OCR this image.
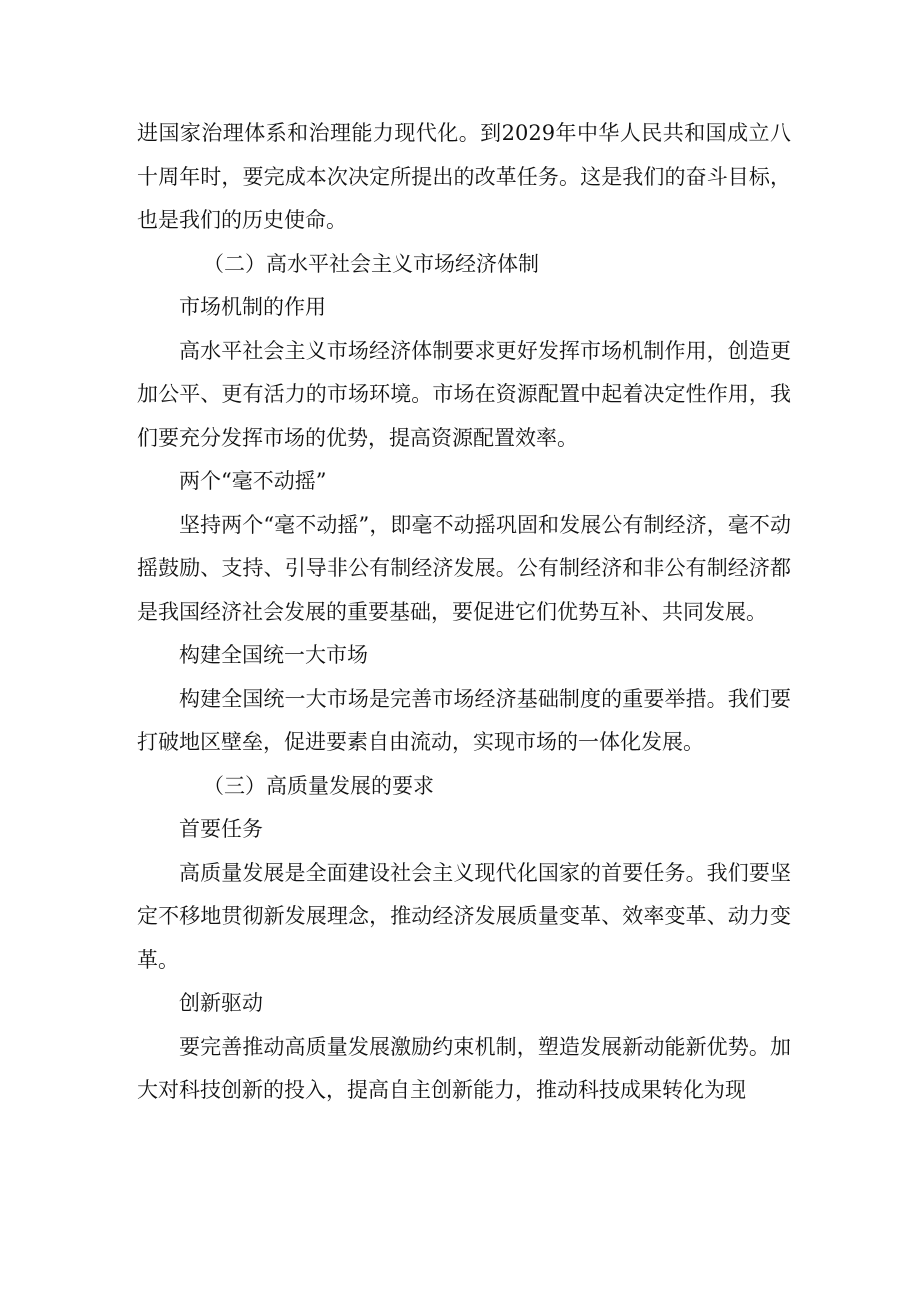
进国家治理体系和治理能力现代化。到2029年中华人民共和国成立八十周年时，要完成本次决定所提出的改革任务。这是我们的奋斗目标，也是我们的历史使命。

（二）高水平社会主义市场经济体制

市场机制的作用

高水平社会主义市场经济体制要求更好发挥市场机制作用，创造更加公平、更有活力的市场环境。市场在资源配置中起着决定性作用，我们要充分发挥市场的优势，提高资源配置效率。

两个“毫不动摇”

坚持两个“毫不动摇”，即毫不动摇巩固和发展公有制经济，毫不动摇鼓励、支持、引导非公有制经济发展。公有制经济和非公有制经济都是我国经济社会发展的重要基础，要促进它们优势互补、共同发展。

构建全国统一大市场

构建全国统一大市场是完善市场经济基础制度的重要举措。我们要打破地区壁垒，促进要素自由流动，实现市场的一体化发展。

（三）高质量发展的要求

首要任务

高质量发展是全面建设社会主义现代化国家的首要任务。我们要坚定不移地贯彻新发展理念，推动经济发展质量变革、效率变革、动力变革。

创新驱动

要完善推动高质量发展激励约束机制，塑造发展新动能新优势。加大对科技创新的投入，提高自主创新能力，推动科技成果转化为现
